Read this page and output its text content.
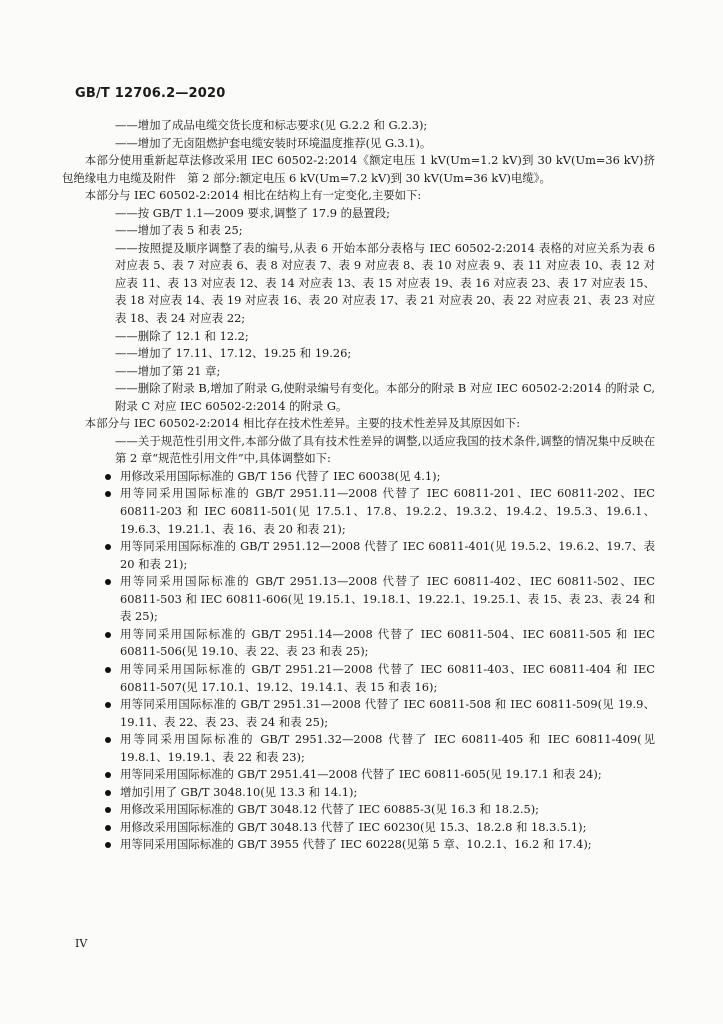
GB/T 12706.2—2020

——增加了成品电缆交货长度和标志要求(见 G.2.2 和 G.2.3);

——增加了无卤阻燃护套电缆安装时环境温度推荐(见 G.3.1)。

本部分使用重新起草法修改采用 IEC 60502-2:2014《额定电压 1 kV(Um=1.2 kV)到 30 kV(Um=36 kV)挤包绝缘电力电缆及附件　第 2 部分:额定电压 6 kV(Um=7.2 kV)到 30 kV(Um=36 kV)电缆》。

本部分与 IEC 60502-2:2014 相比在结构上有一定变化,主要如下:

——按 GB/T 1.1—2009 要求,调整了 17.9 的悬置段;

——增加了表 5 和表 25;

——按照提及顺序调整了表的编号,从表 6 开始本部分表格与 IEC 60502-2:2014 表格的对应关系为表 6 对应表 5、表 7 对应表 6、表 8 对应表 7、表 9 对应表 8、表 10 对应表 9、表 11 对应表 10、表 12 对应表 11、表 13 对应表 12、表 14 对应表 13、表 15 对应表 19、表 16 对应表 23、表 17 对应表 15、表 18 对应表 14、表 19 对应表 16、表 20 对应表 17、表 21 对应表 20、表 22 对应表 21、表 23 对应表 18、表 24 对应表 22;

——删除了 12.1 和 12.2;

——增加了 17.11、17.12、19.25 和 19.26;

——增加了第 21 章;

——删除了附录 B,增加了附录 G,使附录编号有变化。本部分的附录 B 对应 IEC 60502-2:2014 的附录 C,附录 C 对应 IEC 60502-2:2014 的附录 G。

本部分与 IEC 60502-2:2014 相比存在技术性差异。主要的技术性差异及其原因如下:

——关于规范性引用文件,本部分做了具有技术性差异的调整,以适应我国的技术条件,调整的情况集中反映在第 2 章“规范性引用文件”中,具体调整如下:

用修改采用国际标准的 GB/T 156 代替了 IEC 60038(见 4.1);
用等同采用国际标准的 GB/T 2951.11—2008 代替了 IEC 60811-201、IEC 60811-202、IEC 60811-203 和 IEC 60811-501(见 17.5.1、17.8、19.2.2、19.3.2、19.4.2、19.5.3、19.6.1、19.6.3、19.21.1、表 16、表 20 和表 21);
用等同采用国际标准的 GB/T 2951.12—2008 代替了 IEC 60811-401(见 19.5.2、19.6.2、19.7、表 20 和表 21);
用等同采用国际标准的 GB/T 2951.13—2008 代替了 IEC 60811-402、IEC 60811-502、IEC 60811-503 和 IEC 60811-606(见 19.15.1、19.18.1、19.22.1、19.25.1、表 15、表 23、表 24 和表 25);
用等同采用国际标准的 GB/T 2951.14—2008 代替了 IEC 60811-504、IEC 60811-505 和 IEC 60811-506(见 19.10、表 22、表 23 和表 25);
用等同采用国际标准的 GB/T 2951.21—2008 代替了 IEC 60811-403、IEC 60811-404 和 IEC 60811-507(见 17.10.1、19.12、19.14.1、表 15 和表 16);
用等同采用国际标准的 GB/T 2951.31—2008 代替了 IEC 60811-508 和 IEC 60811-509(见 19.9、19.11、表 22、表 23、表 24 和表 25);
用等同采用国际标准的 GB/T 2951.32—2008 代替了 IEC 60811-405 和 IEC 60811-409(见 19.8.1、19.19.1、表 22 和表 23);
用等同采用国际标准的 GB/T 2951.41—2008 代替了 IEC 60811-605(见 19.17.1 和表 24);
增加引用了 GB/T 3048.10(见 13.3 和 14.1);
用修改采用国际标准的 GB/T 3048.12 代替了 IEC 60885-3(见 16.3 和 18.2.5);
用修改采用国际标准的 GB/T 3048.13 代替了 IEC 60230(见 15.3、18.2.8 和 18.3.5.1);
用等同采用国际标准的 GB/T 3955 代替了 IEC 60228(见第 5 章、10.2.1、16.2 和 17.4);
IV
